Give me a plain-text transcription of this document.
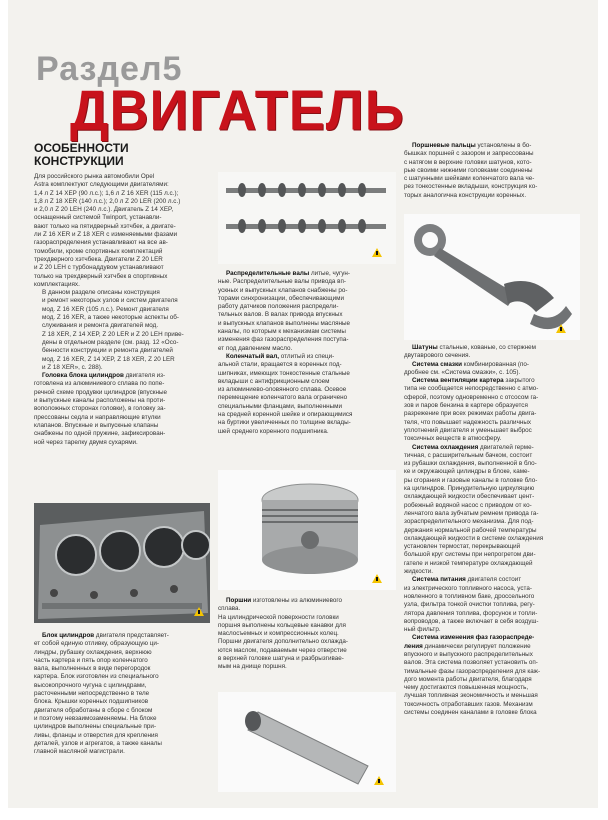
Раздел5
ДВИГАТЕЛЬ

ОСОБЕННОСТИ

КОНСТРУКЦИИ

Для российского рынка автомобили Opel
Astra комплектуют следующими двигателями:
1,4 л Z 14 XEP (90 л.с.); 1,6 л Z 16 XER (115 л.с.);
1,8 л Z 18 XER (140 л.с.); 2,0 л Z 20 LER (200 л.с.)
и 2,0 л Z 20 LEH (240 л.с.). Двигатель Z 14 XEP,
оснащенный системой Twinport, устанавли-
вают только на пятидверный хэтчбек, а двигате-
ли Z 16 XER и Z 18 XER с изменяемыми фазами
газораспределения устанавливают на все ав-
томобили, кроме спортивных комплектаций
трехдверного хэтчбека. Двигатели Z 20 LER
и Z 20 LEH с турбонаддувом устанавливают
только на трехдверный хэтчбек в спортивных
комплектациях.
В данном разделе описаны конструкция
и ремонт некоторых узлов и систем двигателя
мод. Z 16 XER (105 л.с.). Ремонт двигателя
мод. Z 16 XER, а также некоторые аспекты об-
служивания и ремонта двигателей мод.
Z 18 XER, Z 14 XEP, Z 20 LER и Z 20 LEH приве-
дены в отдельном разделе (см. разд. 12 «Осо-
бенности конструкции и ремонта двигателей
мод. Z 16 XER, Z 14 XEP, Z 18 XER, Z 20 LER
и Z 18 XER», с. 288).
Головка блока цилиндров двигателя из-
готовлена из алюминиевого сплава по попе-
речной схеме продувки цилиндров (впускные
и выпускные каналы расположены на проти-
воположных сторонах головки), в головку за-
прессованы седла и направляющие втулки
клапанов. Впускные и выпускные клапаны
снабжены по одной пружине, зафиксирован-
ной через тарелку двумя сухарями.
Блок цилиндров двигателя представляет-
ет собой единую отливку, образующую ци-
линдры, рубашку охлаждения, верхнюю
часть картера и пять опор коленчатого
вала, выполненных в виде перегородок
картера. Блок изготовлен из специального
высокопрочного чугуна с цилиндрами,
расточенными непосредственно в теле
блока. Крышки коренных подшипников
двигателя обработаны в сборе с блоком
и поэтому невзаимозаменяемы. На блоке
цилиндров выполнены специальные при-
ливы, фланцы и отверстия для крепления
деталей, узлов и агрегатов, а также каналы
главной масляной магистрали.
Распределительные валы литые, чугун-
ные. Распределительные валы привода вп-
ускных и выпускных клапанов снабжены ро-
торами синхронизации, обеспечивающими
работу датчиков положения распредели-
тельных валов. В валах привода впускных
и выпускных клапанов выполнены масляные
каналы, по которым к механизмам системы
изменения фаз газораспределения поступа-
ет под давлением масло.
Коленчатый вал, отлитый из специ-
альной стали, вращается в коренных под-
шипниках, имеющих тонкостенные стальные
вкладыши с антифрикционным слоем
из алюминиево-оловянного сплава. Осевое
перемещение коленчатого вала ограничено
специальными фланцами, выполненными
на средней коренной шейке и опирающимися
на буртики увеличенных по толщине вклады-
шей среднего коренного подшипника.
Поршни изготовлены из алюминиевого
сплава.
На цилиндрической поверхности головки
поршня выполнены кольцевые канавки для
маслосъемных и компрессионных колец.
Поршни двигателя дополнительно охлажда-
ются маслом, подаваемым через отверстие
в верхней головке шатуна и разбрызгивае-
мым на днище поршня.
Поршневые пальцы установлены в бо-
бышках поршней с зазором и запрессованы
с натягом в верхние головки шатунов, кото-
рые своими нижними головками соединены
с шатунными шейками коленчатого вала че-
рез тонкостенные вкладыши, конструкция ко-
торых аналогична конструкции коренных.
Шатуны стальные, кованые, со стержнем
двутаврового сечения.
Система смазки комбинированная (по-
дробнее см. «Система смазки», с. 105).
Система вентиляции картера закрытого
типа не сообщается непосредственно с атмо-
сферой, поэтому одновременно с отсосом га-
зов и паров бензина в картере образуется
разрежение при всех режимах работы двига-
теля, что повышает надежность различных
уплотнений двигателя и уменьшает выброс
токсичных веществ в атмосферу.
Система охлаждения двигателей герме-
тичная, с расширительным бачком, состоит
из рубашки охлаждения, выполненной в бло-
ке и окружающей цилиндры в блоке, каме-
ры сгорания и газовые каналы в головке бло-
ка цилиндров. Принудительную циркуляцию
охлаждающей жидкости обеспечивает цент-
робежный водяной насос с приводом от ко-
ленчатого вала зубчатым ремнем привода га-
зораспределительного механизма. Для под-
держания нормальной рабочей температуры
охлаждающей жидкости в системе охлаждения
установлен термостат, перекрывающий
большой круг системы при непрогретом дви-
гателе и низкой температуре охлаждающей
жидкости.
Система питания двигателя состоит
из электрического топливного насоса, уста-
новленного в топливном баке, дроссельного
узла, фильтра тонкой очистки топлива, регу-
лятора давления топлива, форсунок и топли-
вопроводов, а также включает в себя воздуш-
ный фильтр.
Система изменения фаз газораспреде-
ления динамически регулирует положение
впускного и выпускного распределительных
валов. Эта система позволяет установить оп-
тимальные фазы газораспределения для каж-
дого момента работы двигателя, благодаря
чему достигаются повышенная мощность,
лучшая топливная экономичность и меньшая
токсичность отработавших газов. Механизм
системы соединен каналами в головке блока
